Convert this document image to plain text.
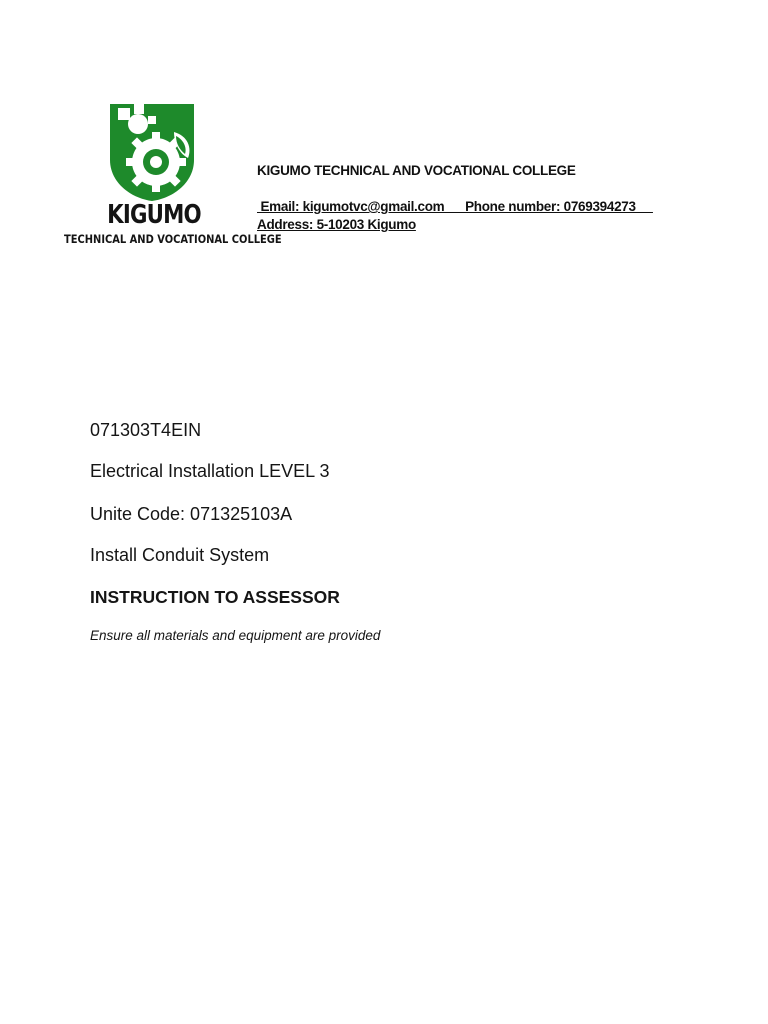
KIGUMO
TECHNICAL AND VOCATIONAL COLLEGE
KIGUMO TECHNICAL AND VOCATIONAL COLLEGE
Email: kigumotvc@gmail.com      Phone number: 0769394273
Address: 5-10203 Kigumo
071303T4EIN
Electrical Installation LEVEL 3
Unite Code: 071325103A
Install Conduit System
INSTRUCTION TO ASSESSOR
Ensure all materials and equipment are provided
